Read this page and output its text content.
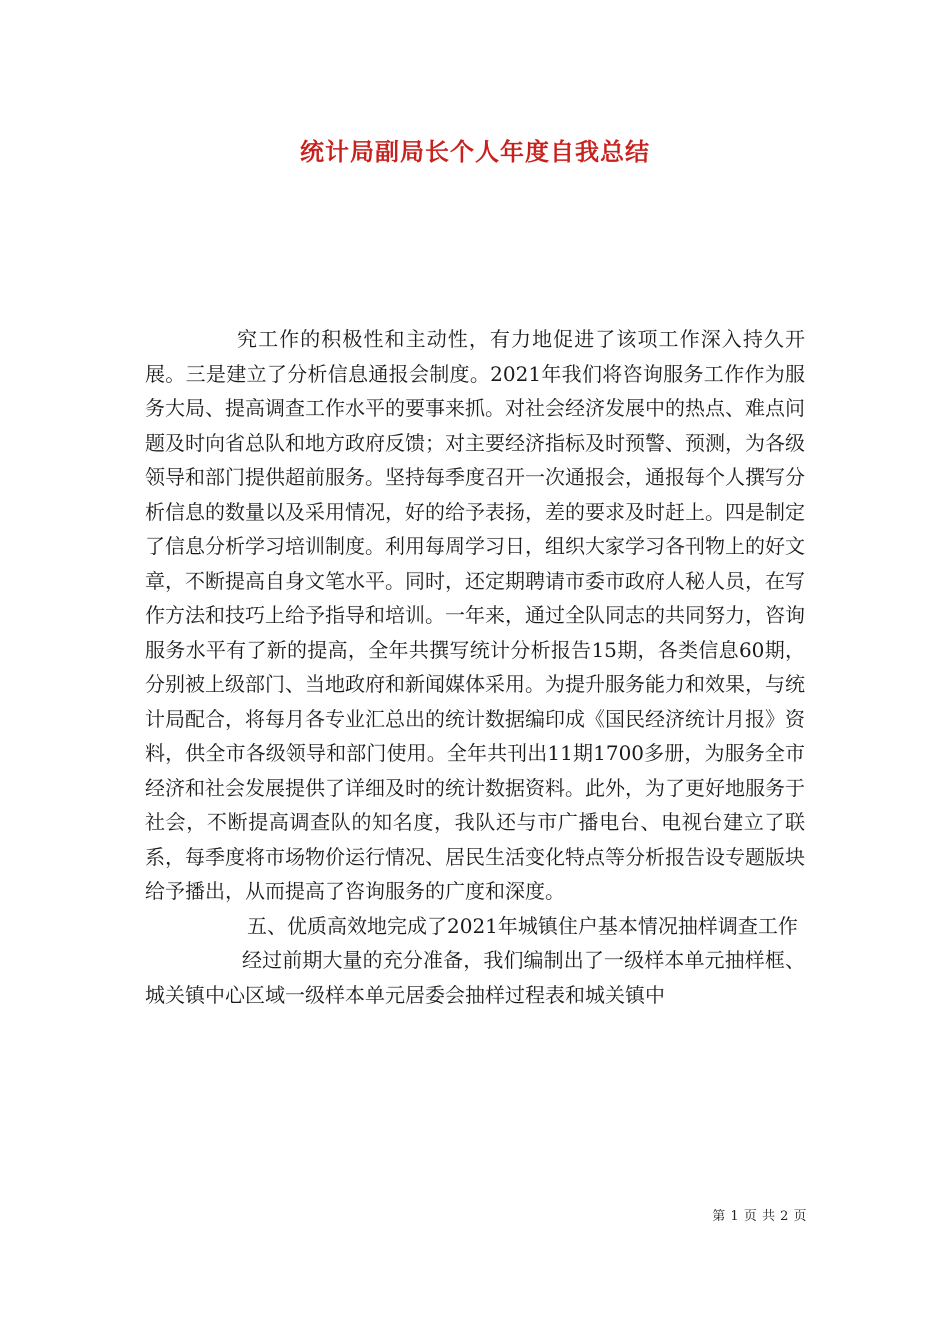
统计局副局长个人年度自我总结

究工作的积极性和主动性，有力地促进了该项工作深入持久开展。三是建立了分析信息通报会制度。2021年我们将咨询服务工作作为服务大局、提高调查工作水平的要事来抓。对社会经济发展中的热点、难点问题及时向省总队和地方政府反馈；对主要经济指标及时预警、预测，为各级领导和部门提供超前服务。坚持每季度召开一次通报会，通报每个人撰写分析信息的数量以及采用情况，好的给予表扬，差的要求及时赶上。四是制定了信息分析学习培训制度。利用每周学习日，组织大家学习各刊物上的好文章，不断提高自身文笔水平。同时，还定期聘请市委市政府人秘人员，在写作方法和技巧上给予指导和培训。一年来，通过全队同志的共同努力，咨询服务水平有了新的提高，全年共撰写统计分析报告15期，各类信息60期，分别被上级部门、当地政府和新闻媒体采用。为提升服务能力和效果，与统计局配合，将每月各专业汇总出的统计数据编印成《国民经济统计月报》资料，供全市各级领导和部门使用。全年共刊出11期1700多册，为服务全市经济和社会发展提供了详细及时的统计数据资料。此外，为了更好地服务于社会，不断提高调查队的知名度，我队还与市广播电台、电视台建立了联系，每季度将市场物价运行情况、居民生活变化特点等分析报告设专题版块给予播出，从而提高了咨询服务的广度和深度。

五、优质高效地完成了2021年城镇住户基本情况抽样调查工作

经过前期大量的充分准备，我们编制出了一级样本单元抽样框、城关镇中心区域一级样本单元居委会抽样过程表和城关镇中

第 1 页 共 2 页
